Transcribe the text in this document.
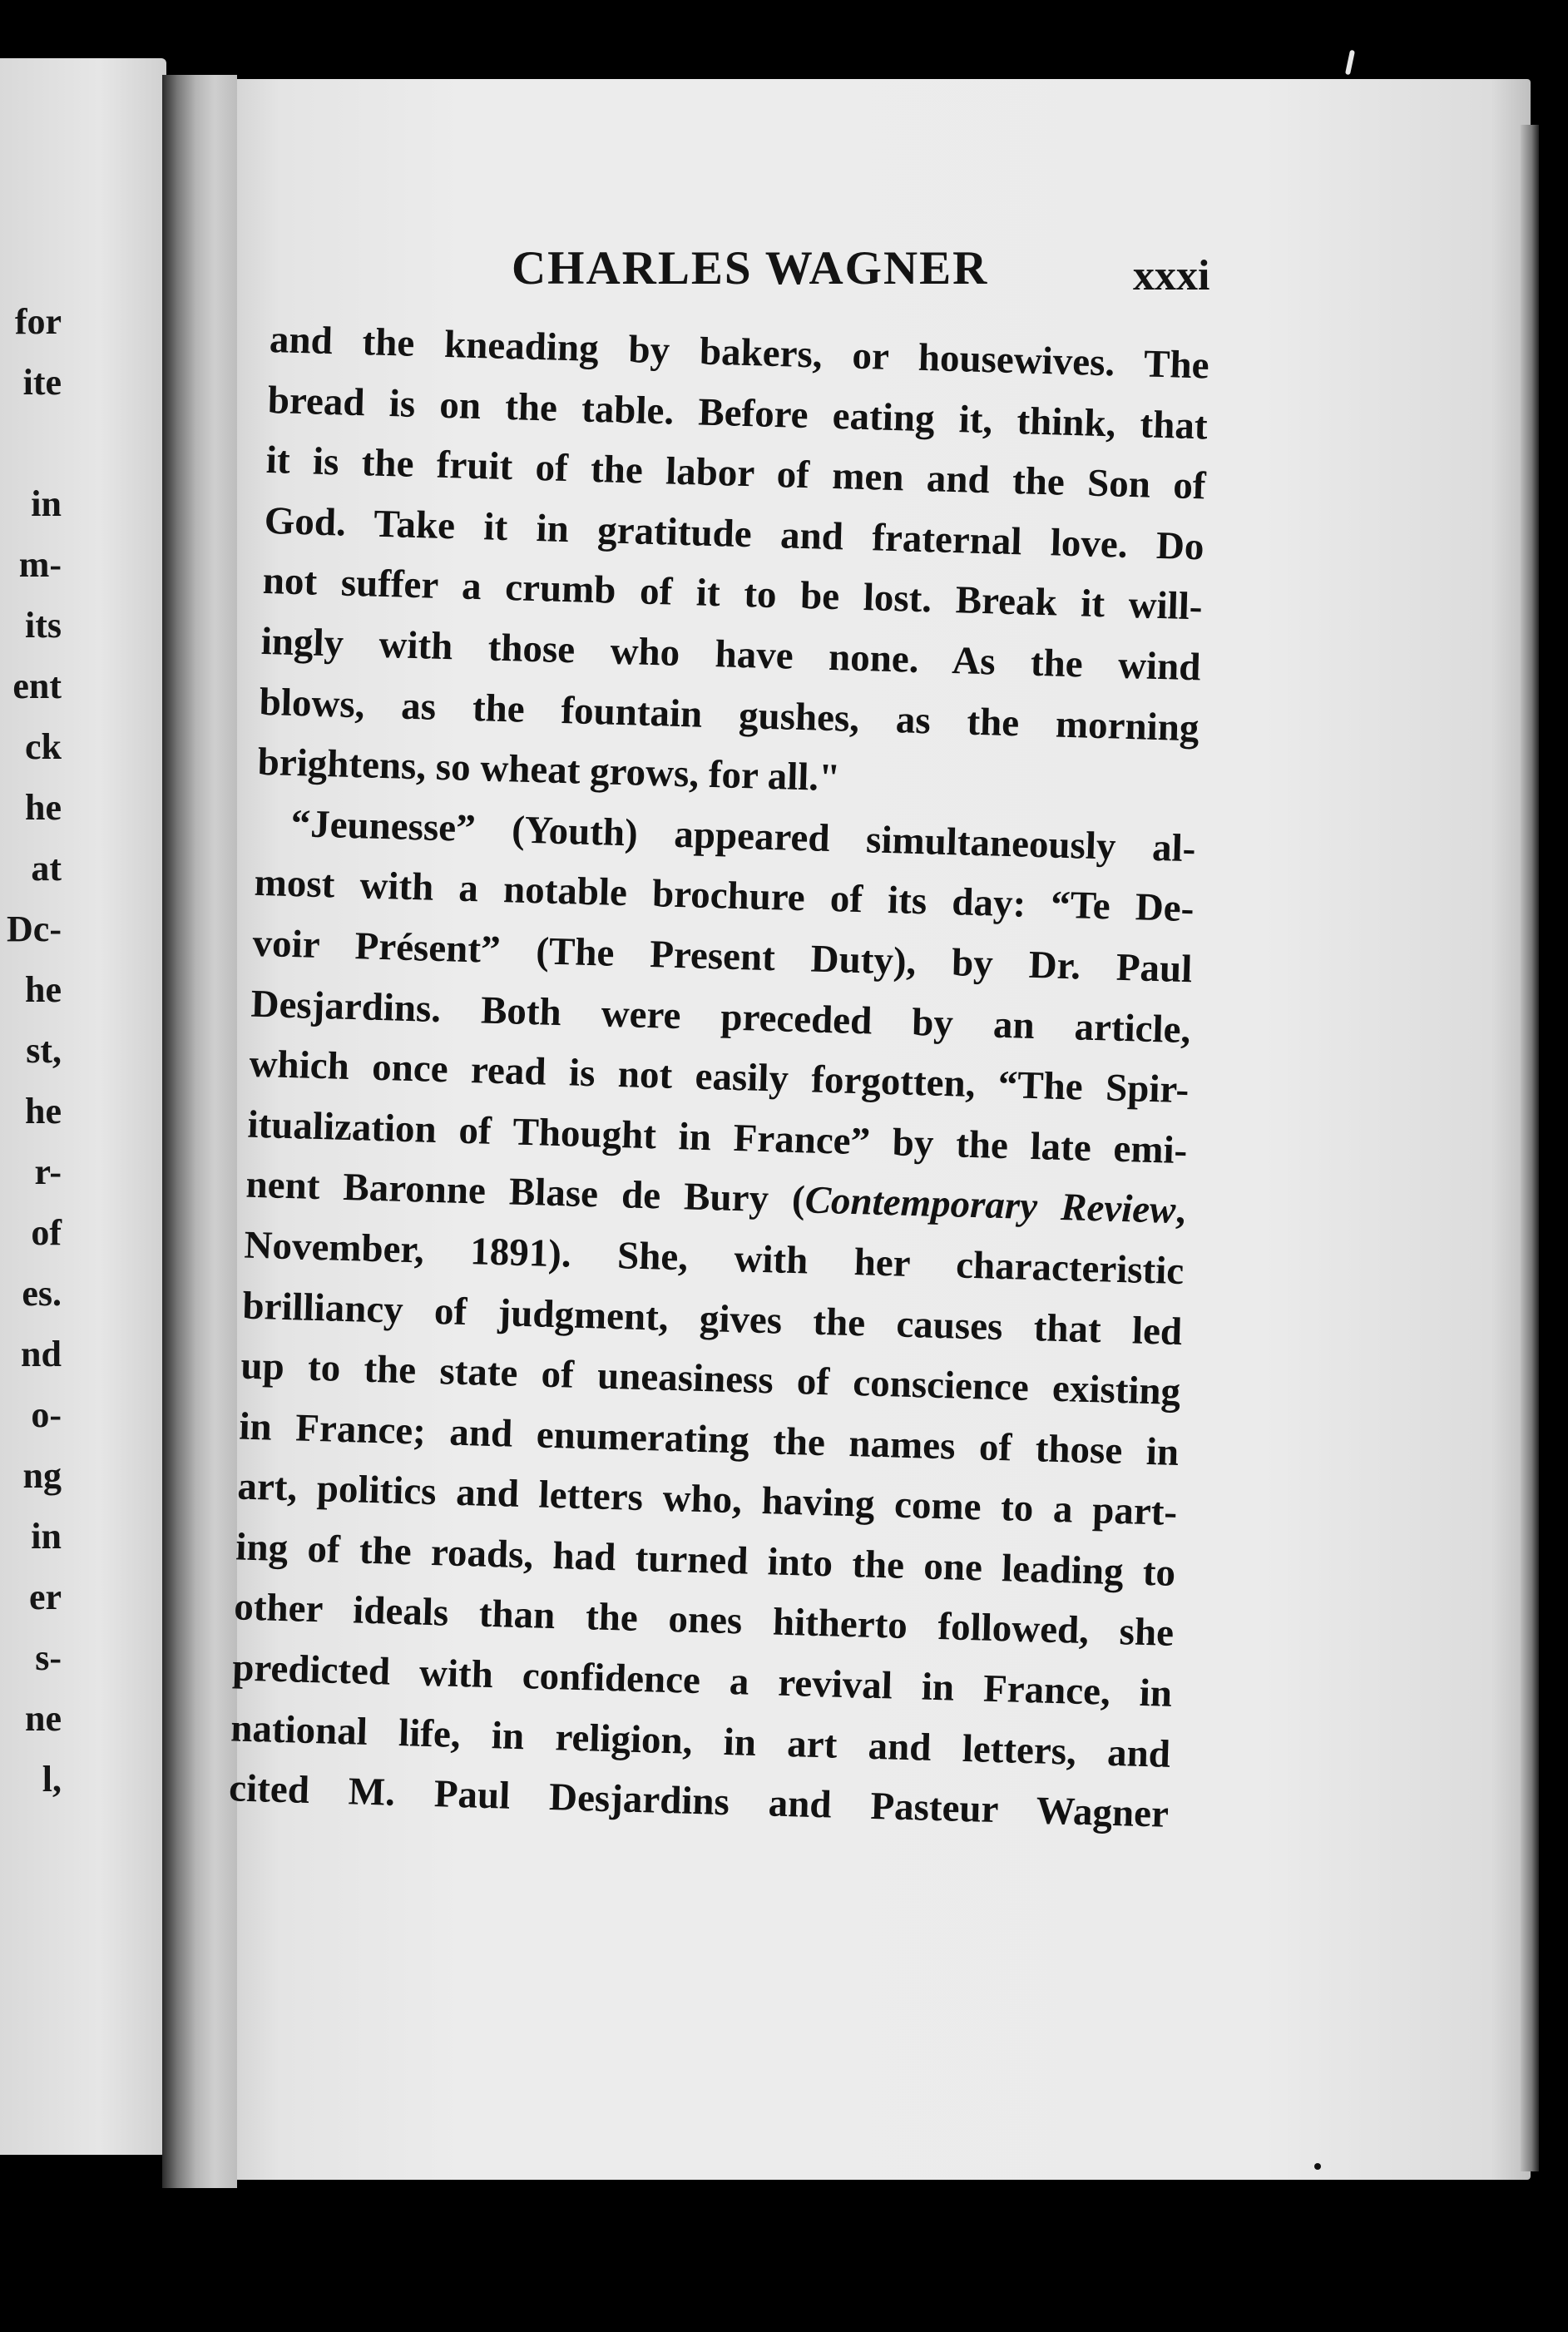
for
ite
in
m-
its
ent
ck
he
at
Dc-
he
st,
he
r-
of
es.
nd
o-
ng
in
er
s-
ne
l,
CHARLES WAGNER	xxxi
and the kneading by bakers, or housewives. The
bread is on the table. Before eating it, think, that
it is the fruit of the labor of men and the Son of
God. Take it in gratitude and fraternal love. Do
not suffer a crumb of it to be lost. Break it will-
ingly with those who have none. As the wind
blows, as the fountain gushes, as the morning
brightens, so wheat grows, for all."
“Jeunesse” (Youth) appeared simultaneously al-
most with a notable brochure of its day: “Te De-
voir Présent” (The Present Duty), by Dr. Paul
Desjardins. Both were preceded by an article,
which once read is not easily forgotten, “The Spir-
itualization of Thought in France” by the late emi-
nent Baronne Blase de Bury (Contemporary Review,
November, 1891). She, with her characteristic
brilliancy of judgment, gives the causes that led
up to the state of uneasiness of conscience existing
in France; and enumerating the names of those in
art, politics and letters who, having come to a part-
ing of the roads, had turned into the one leading to
other ideals than the ones hitherto followed, she
predicted with confidence a revival in France, in
national life, in religion, in art and letters, and
cited M. Paul Desjardins and Pasteur Wagner
